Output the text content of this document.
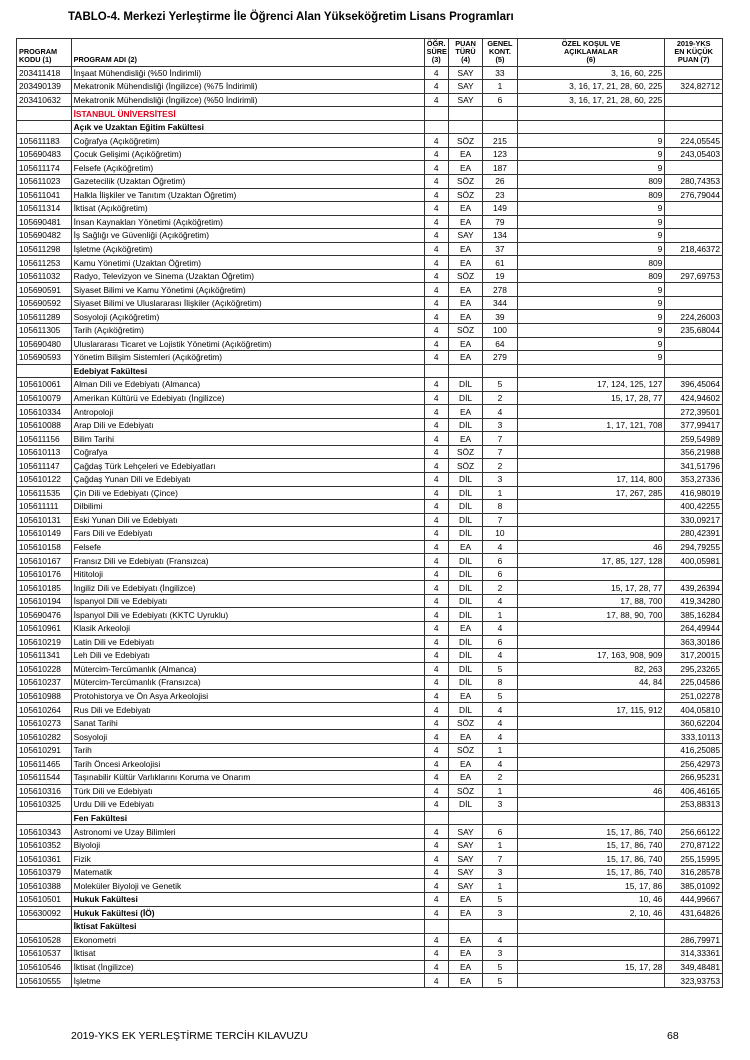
TABLO-4. Merkezi Yerleştirme İle Öğrenci Alan Yükseköğretim Lisans Programları
PROGRAM
KODU (1)	PROGRAM ADI (2)	ÖĞR.
SÜRE
(3)	PUAN
TÜRÜ
(4)	GENEL
KONT.
(5)	ÖZEL KOŞUL VE
AÇIKLAMALAR
(6)	2019-YKS
EN KÜÇÜK
PUAN (7)
203411418	İnşaat Mühendisliği (%50 İndirimli)	4	SAY	33	3, 16, 60, 225	
203490139	Mekatronik Mühendisliği (İngilizce) (%75 İndirimli)	4	SAY	1	3, 16, 17, 21, 28, 60, 225	324,82712
203410632	Mekatronik Mühendisliği (İngilizce) (%50 İndirimli)	4	SAY	6	3, 16, 17, 21, 28, 60, 225	
	İSTANBUL ÜNİVERSİTESİ					
	Açık ve Uzaktan Eğitim Fakültesi					
105611183	Coğrafya (Açıköğretim)	4	SÖZ	215	9	224,05545
105690483	Çocuk Gelişimi (Açıköğretim)	4	EA	123	9	243,05403
105611174	Felsefe (Açıköğretim)	4	EA	187	9	
105611023	Gazetecilik (Uzaktan Öğretim)	4	SÖZ	26	809	280,74353
105611041	Halkla İlişkiler ve Tanıtım (Uzaktan Öğretim)	4	SÖZ	23	809	276,79044
105611314	İktisat (Açıköğretim)	4	EA	149	9	
105690481	İnsan Kaynakları Yönetimi (Açıköğretim)	4	EA	79	9	
105690482	İş Sağlığı ve Güvenliği (Açıköğretim)	4	SAY	134	9	
105611298	İşletme (Açıköğretim)	4	EA	37	9	218,46372
105611253	Kamu Yönetimi (Uzaktan Öğretim)	4	EA	61	809	
105611032	Radyo, Televizyon ve Sinema (Uzaktan Öğretim)	4	SÖZ	19	809	297,69753
105690591	Siyaset Bilimi ve Kamu Yönetimi (Açıköğretim)	4	EA	278	9	
105690592	Siyaset Bilimi ve Uluslararası İlişkiler (Açıköğretim)	4	EA	344	9	
105611289	Sosyoloji (Açıköğretim)	4	EA	39	9	224,26003
105611305	Tarih (Açıköğretim)	4	SÖZ	100	9	235,68044
105690480	Uluslararası Ticaret ve Lojistik Yönetimi (Açıköğretim)	4	EA	64	9	
105690593	Yönetim Bilişim Sistemleri (Açıköğretim)	4	EA	279	9	
	Edebiyat Fakültesi					
105610061	Alman Dili ve Edebiyatı (Almanca)	4	DİL	5	17, 124, 125, 127	396,45064
105610079	Amerikan Kültürü ve Edebiyatı (İngilizce)	4	DİL	2	15, 17, 28, 77	424,94602
105610334	Antropoloji	4	EA	4		272,39501
105610088	Arap Dili ve Edebiyatı	4	DİL	3	1, 17, 121, 708	377,99417
105611156	Bilim Tarihi	4	EA	7		259,54989
105610113	Coğrafya	4	SÖZ	7		356,21988
105611147	Çağdaş Türk Lehçeleri ve Edebiyatları	4	SÖZ	2		341,51796
105610122	Çağdaş Yunan Dili ve Edebiyatı	4	DİL	3	17, 114, 800	353,27336
105611535	Çin Dili ve Edebiyatı (Çince)	4	DİL	1	17, 267, 285	416,98019
105611111	Dilbilimi	4	DİL	8		400,42255
105610131	Eski Yunan Dili ve Edebiyatı	4	DİL	7		330,09217
105610149	Fars Dili ve Edebiyatı	4	DİL	10		280,42391
105610158	Felsefe	4	EA	4	46	294,79255
105610167	Fransız Dili ve Edebiyatı (Fransızca)	4	DİL	6	17, 85, 127, 128	400,05981
105610176	Hititoloji	4	DİL	6		
105610185	İngiliz Dili ve Edebiyatı (İngilizce)	4	DİL	2	15, 17, 28, 77	439,26394
105610194	İspanyol Dili ve Edebiyatı	4	DİL	4	17, 88, 700	419,34280
105690476	İspanyol Dili ve Edebiyatı (KKTC Uyruklu)	4	DİL	1	17, 88, 90, 700	385,16284
105610961	Klasik Arkeoloji	4	EA	4		264,49944
105610219	Latin Dili ve Edebiyatı	4	DİL	6		363,30186
105611341	Leh Dili ve Edebiyatı	4	DİL	4	17, 163, 908, 909	317,20015
105610228	Mütercim-Tercümanlık (Almanca)	4	DİL	5	82, 263	295,23265
105610237	Mütercim-Tercümanlık (Fransızca)	4	DİL	8	44, 84	225,04586
105610988	Protohistorya ve Ön Asya Arkeolojisi	4	EA	5		251,02278
105610264	Rus Dili ve Edebiyatı	4	DİL	4	17, 115, 912	404,05810
105610273	Sanat Tarihi	4	SÖZ	4		360,62204
105610282	Sosyoloji	4	EA	4		333,10113
105610291	Tarih	4	SÖZ	1		416,25085
105611465	Tarih Öncesi Arkeolojisi	4	EA	4		256,42973
105611544	Taşınabilir Kültür Varlıklarını Koruma ve Onarım	4	EA	2		266,95231
105610316	Türk Dili ve Edebiyatı	4	SÖZ	1	46	406,46165
105610325	Urdu Dili ve Edebiyatı	4	DİL	3		253,88313
	Fen Fakültesi					
105610343	Astronomi ve Uzay Bilimleri	4	SAY	6	15, 17, 86, 740	256,66122
105610352	Biyoloji	4	SAY	1	15, 17, 86, 740	270,87122
105610361	Fizik	4	SAY	7	15, 17, 86, 740	255,15995
105610379	Matematik	4	SAY	3	15, 17, 86, 740	316,28578
105610388	Moleküler Biyoloji ve Genetik	4	SAY	1	15, 17, 86	385,01092
105610501	Hukuk Fakültesi	4	EA	5	10, 46	444,99667
105630092	Hukuk Fakültesi (İÖ)	4	EA	3	2, 10, 46	431,64826
	İktisat Fakültesi					
105610528	Ekonometri	4	EA	4		286,79971
105610537	İktisat	4	EA	3		314,33361
105610546	İktisat (İngilizce)	4	EA	5	15, 17, 28	349,48481
105610555	İşletme	4	EA	5		323,93753
2019-YKS EK YERLEŞTİRME TERCİH KILAVUZU	68
